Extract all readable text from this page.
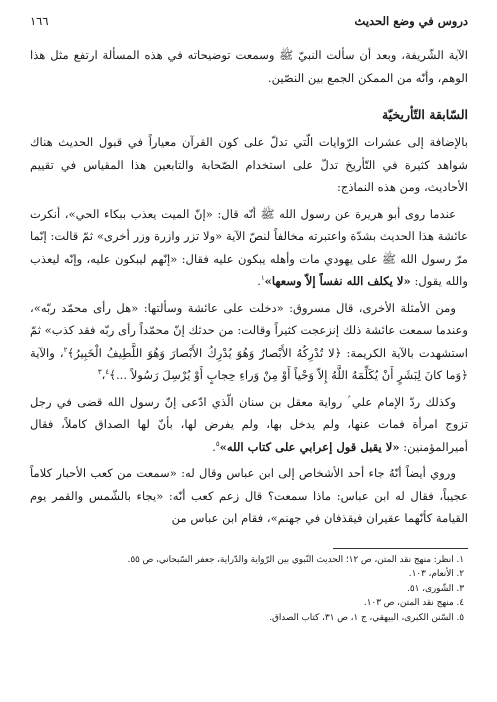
دروس في وضع الحديث
١٦٦

الآية الشّريفة، وبعد أن سألت النبيّ ﷺ وسمعت توضيحاته في هذه المسألة ارتفع مثل هذا الوهم، وأنّه من الممكن الجمع بين النصّين.

السّابقة التّأريخيّة

بالإضافة إلى عشرات الرّوايات الّتي تدلّ على كون القرآن معياراً في قبول الحديث هناك شواهد كثيرة في التّأريخ تدلّ على استخدام الصّحابة والتابعين هذا المقياس في تقييم الأحاديث، ومن هذه النماذج:

عندما روى أبو هريرة عن رسول الله ﷺ أنّه قال: «إنّ الميت يعذب ببكاء الحي»، أنكرت عائشة هذا الحديث بشدّة واعتبرته مخالفاً لنصّ الآية «ولا تزر وازرة وزر أخرى» ثمّ قالت: إنّما مرّ رسول الله ﷺ على يهودي مات وأهله يبكون عليه فقال: «إنّهم ليبكون عليه، وإنّه ليعذب والله يقول: «لا يكلف الله نفساً إلاّ وسعها»$^١$.

ومن الأمثلة الأخرى، قال مسروق: «دخلت على عائشة وسألتها: «هل رأى محمّد ربّه»، وعندما سمعت عائشة ذلك إنزعجت كثيراً وقالت: من حدثك إنّ محمّداً رأى ربّه فقد كذب» ثمّ استشهدت بالآية الكريمة: ﴿لا تُدْرِكُهُ الأَبْصارُ وَهُوَ يُدْرِكُ الأَبْصارَ وَهُوَ اللَّطِيفُ الْخَبِيرُ﴾$^٢$، والآية ﴿وَما كانَ لِبَشَرٍ أَنْ يُكَلِّمَهُ اللَّهُ إِلاّ وَحْياً أَوْ مِنْ وَراءِ حِجابٍ أَوْ يُرْسِلَ رَسُولاً ...﴾$^٣$،$^٤$

وكذلك ردّ الإمام علي ؑ رواية معقل بن سنان الّذي ادّعى إنّ رسول الله قضى في رجل تزوج امرأة فمات عنها، ولم يدخل بها، ولم يفرض لها، بأنّ لها الصداق كاملاً، فقال أميرالمؤمنين: «لا يقبل قول إعرابي على كتاب الله»$^٥$.

وروي أيضاً أنّهُ جاء أحد الأشخاص إلى ابن عباس وقال له: «سمعت من كعب الأحبار كلاماً عجيباً، فقال له ابن عباس: ماذا سمعت؟ قال زعم كعب أنّه: «يجاء بالشّمس والقمر يوم القيامة كأنّهما عقيران فيقذفان في جهنم»، فقام ابن عباس من

١. انظر: منهج نقد المتن، ص ١٢؛ الحديث النّبوي بين الرّواية والدّراية، جعفر السّبحاني، ص ٥٥.

٢. الأنعام، ١٠٣.

٣. الشّورى، ٥١.

٤. منهج نقد المتن، ص ١٠٣.

٥. السّنن الكبرى، البيهقي، ج ١، ص ٣١، كتاب الصداق.
